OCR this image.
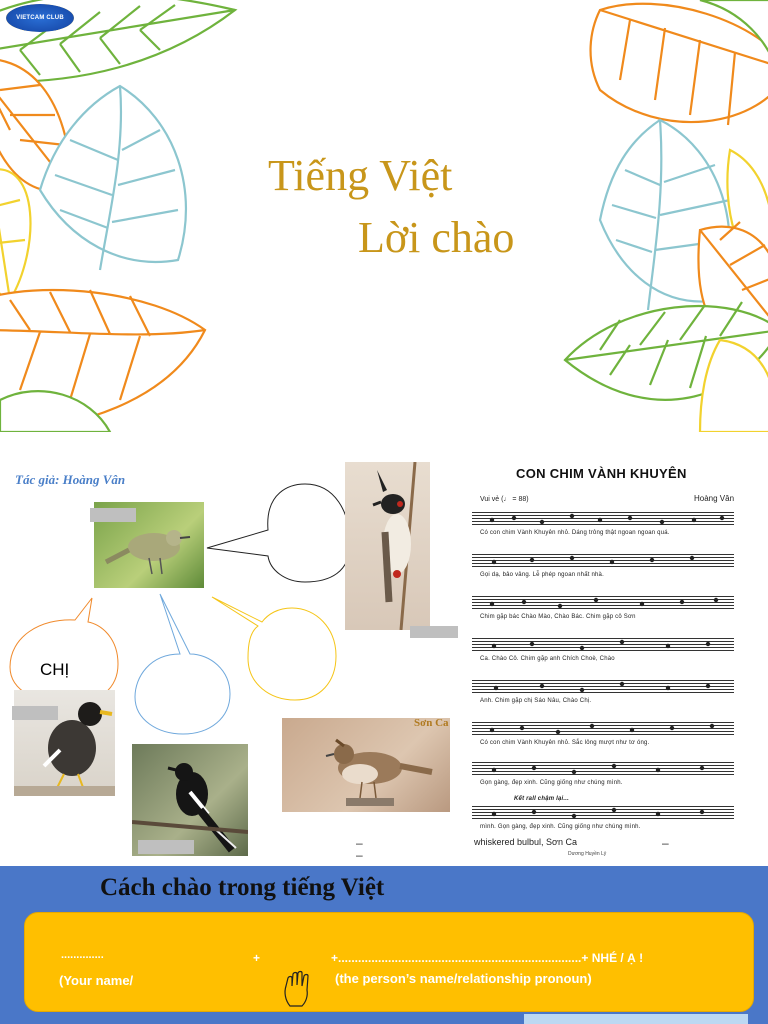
VIETCAM CLUB
Tiếng Việt
Lời chào
Tác giả: Hoàng Vân
CHỊ
Sơn Ca
–
–
–
CON CHIM VÀNH KHUYÊN
Vui vẻ (♩ = 88)	Hoàng Vân
Có con chim Vành Khuyên nhỏ. Dáng trông thật ngoan ngoan quá.
Gọi dạ, bảo vâng. Lễ phép ngoan nhất nhà.
Chim gặp bác Chào Mào, Chào Bác. Chim gặp cô Sơn
Ca. Chào Cô. Chim gặp anh Chích Choè, Chào
Anh. Chim gặp chị Sáo Nâu, Chào Chị.
Có con chim Vành Khuyên nhỏ. Sắc lông mượt như tơ óng.
Gọn gàng, đẹp xinh. Cũng giống như chúng mình.
Kết rall chậm lại...
mình. Gọn gàng, đẹp xinh. Cũng giống như chúng mình.
whiskered bulbul, Sơn Ca
Dương Huyền Lý
Cách chào trong tiếng Việt
..............	+	+.........................................................................+ NHÉ / Ạ !
(Your name/	(the person’s name/relationship pronoun)
